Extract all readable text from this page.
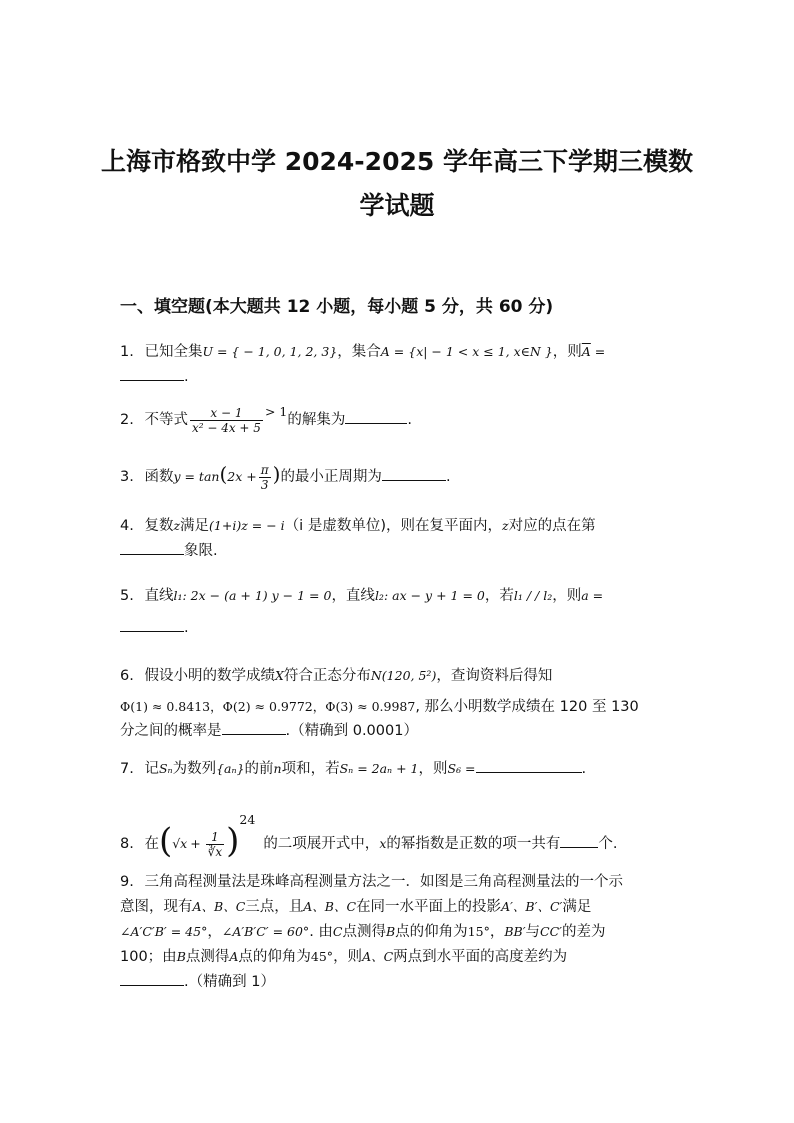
上海市格致中学 2024-2025 学年高三下学期三模数
学试题
一、填空题(本大题共 12 小题，每小题 5 分，共 60 分)
1. 已知全集U = { − 1, 0, 1, 2, 3}，集合A = {x| − 1 < x ≤ 1, x∈N }，则$\overline{A}$ =
.
2. 不等式 $\frac{x - 1}{\text{x² − 4x + 5}} > 1$的解集为	.
3. 函数$y = \tan(2x + \frac{\pi}{3}$ )的最小正周期为	.
4. 复数z满足(1+i)z = − i（i 是虚数单位)，则在复平面内，z对应的点在第
象限.
5. 直线l₁: 2x − (a + 1) y − 1 = 0，直线l₂: ax − y + 1 = 0，若l₁ / / l₂，则a =
.
6. 假设小明的数学成绩X符合正态分布N(120, 5²)，查询资料后得知
Φ(1) ≈ 0.8413，Φ(2) ≈ 0.9772，Φ(3) ≈ 0.9987, 那么小明数学成绩在 120 至 130
分之间的概率是	.（精确到 0.0001）
7. 记Sₙ为数列{aₙ}的前n项和，若Sₙ = 2aₙ + 1，则S₆ =	.
8. 在$(√x + \frac{1}{∛x} )^{24}$的二项展开式中，x的幂指数是正数的项一共有	个.
9. 三角高程测量法是珠峰高程测量方法之一．如图是三角高程测量法的一个示
意图，现有A、B、C三点，且A、B、C在同一水平面上的投影A′、B′、C′满足
∠A′C′B′ = 45°，∠A′B′C′ = 60°. 由C点测得B点的仰角为15°，BB′与CC′的差为
100；由B点测得A点的仰角为45°，则A、C两点到水平面的高度差约为
.（精确到 1）
